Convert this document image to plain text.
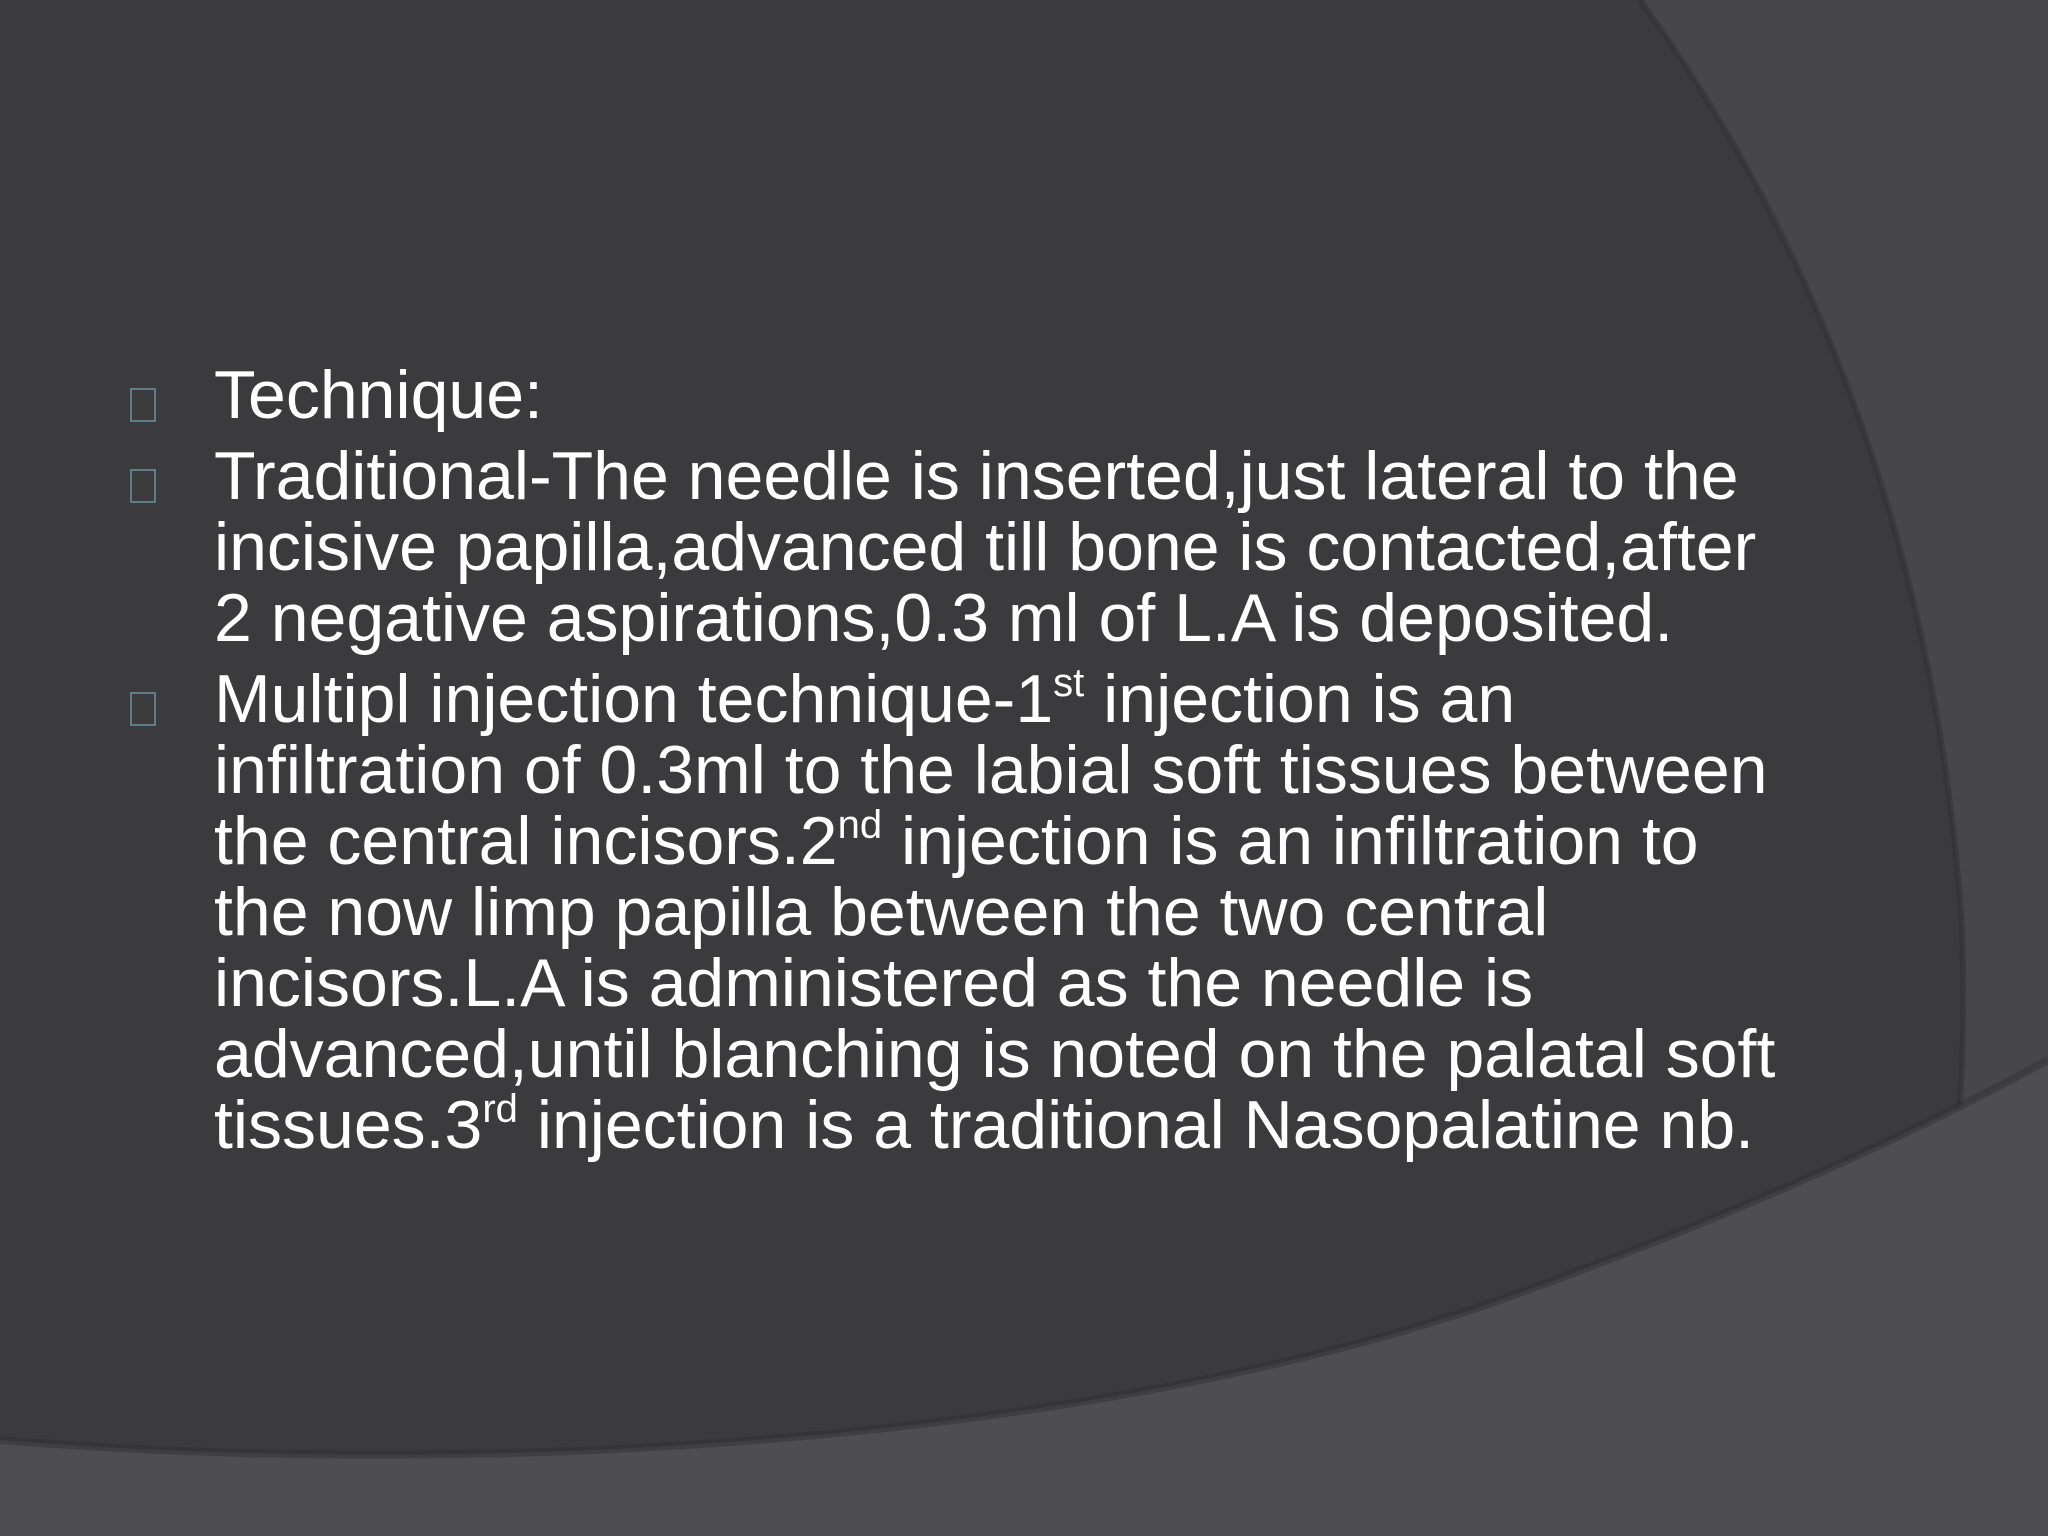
Technique:
Traditional-The needle is inserted,just lateral to the incisive papilla,advanced till bone is contacted,after 2 negative aspirations,0.3 ml of L.A is deposited.
Multipl injection technique-1st injection is an infiltration of 0.3ml to the labial soft tissues between the central incisors.2nd injection is an infiltration to the now limp papilla between the two central incisors.L.A is administered as the needle is advanced,until blanching is noted on the palatal soft tissues.3rd injection is a traditional Nasopalatine nb.
